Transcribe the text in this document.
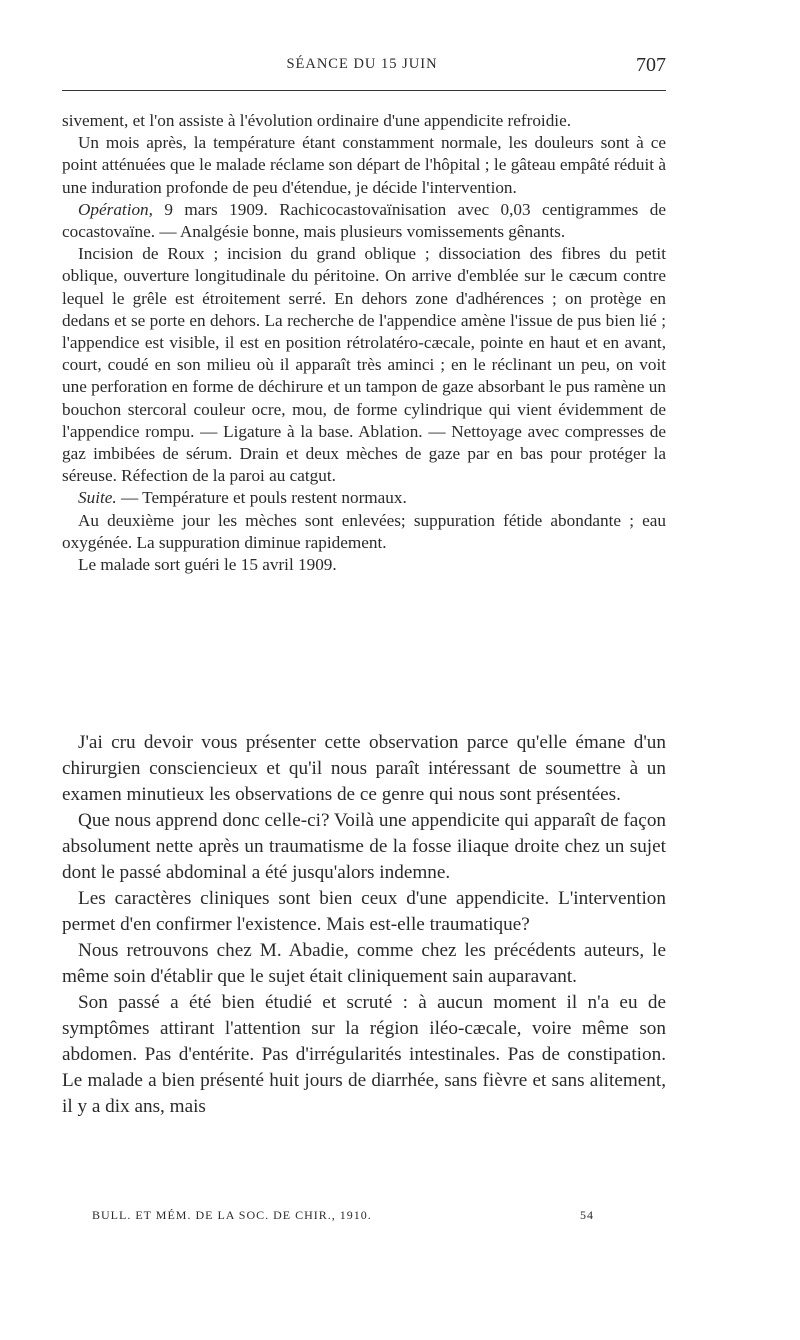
SÉANCE DU 15 JUIN	707

sivement, et l'on assiste à l'évolution ordinaire d'une appendicite refroidie.

Un mois après, la température étant constamment normale, les douleurs sont à ce point atténuées que le malade réclame son départ de l'hôpital ; le gâteau empâté réduit à une induration profonde de peu d'étendue, je décide l'intervention.

Opération, 9 mars 1909. Rachicocastovaïnisation avec 0,03 centigrammes de cocastovaïne. — Analgésie bonne, mais plusieurs vomissements gênants.

Incision de Roux ; incision du grand oblique ; dissociation des fibres du petit oblique, ouverture longitudinale du péritoine. On arrive d'emblée sur le cæcum contre lequel le grêle est étroitement serré. En dehors zone d'adhérences ; on protège en dedans et se porte en dehors. La recherche de l'appendice amène l'issue de pus bien lié ; l'appendice est visible, il est en position rétrolatéro-cæcale, pointe en haut et en avant, court, coudé en son milieu où il apparaît très aminci ; en le réclinant un peu, on voit une perforation en forme de déchirure et un tampon de gaze absorbant le pus ramène un bouchon stercoral couleur ocre, mou, de forme cylindrique qui vient évidemment de l'appendice rompu. — Ligature à la base. Ablation. — Nettoyage avec compresses de gaz imbibées de sérum. Drain et deux mèches de gaze par en bas pour protéger la séreuse. Réfection de la paroi au catgut.

Suite. — Température et pouls restent normaux.

Au deuxième jour les mèches sont enlevées; suppuration fétide abondante ; eau oxygénée. La suppuration diminue rapidement.

Le malade sort guéri le 15 avril 1909.

J'ai cru devoir vous présenter cette observation parce qu'elle émane d'un chirurgien consciencieux et qu'il nous paraît intéressant de soumettre à un examen minutieux les observations de ce genre qui nous sont présentées.

Que nous apprend donc celle-ci? Voilà une appendicite qui apparaît de façon absolument nette après un traumatisme de la fosse iliaque droite chez un sujet dont le passé abdominal a été jusqu'alors indemne.

Les caractères cliniques sont bien ceux d'une appendicite. L'intervention permet d'en confirmer l'existence. Mais est-elle traumatique?

Nous retrouvons chez M. Abadie, comme chez les précédents auteurs, le même soin d'établir que le sujet était cliniquement sain auparavant.

Son passé a été bien étudié et scruté : à aucun moment il n'a eu de symptômes attirant l'attention sur la région iléo-cæcale, voire même son abdomen. Pas d'entérite. Pas d'irrégularités intestinales. Pas de constipation. Le malade a bien présenté huit jours de diarrhée, sans fièvre et sans alitement, il y a dix ans, mais

BULL. ET MÉM. DE LA SOC. DE CHIR., 1910.	54
